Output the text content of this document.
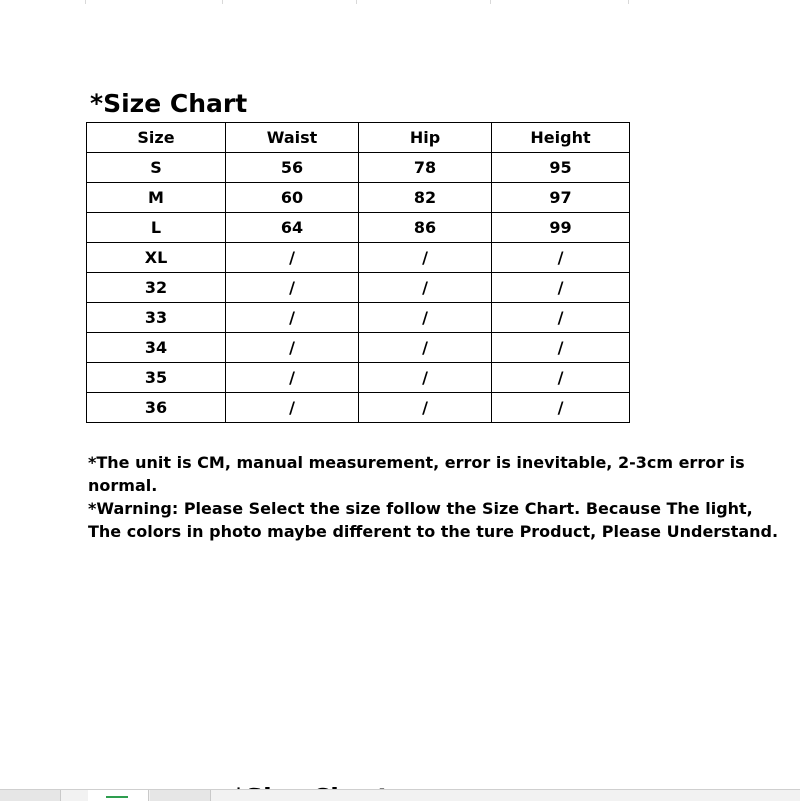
*Size Chart
Size	Waist	Hip	Height
S	56	78	95
M	60	82	97
L	64	86	99
XL	/	/	/
32	/	/	/
33	/	/	/
34	/	/	/
35	/	/	/
36	/	/	/

*The unit is CM, manual measurement, error is inevitable, 2-3cm error is normal.

*Warning: Please Select the size follow the Size Chart. Because The light, The colors in photo maybe different to the ture Product, Please Understand.
